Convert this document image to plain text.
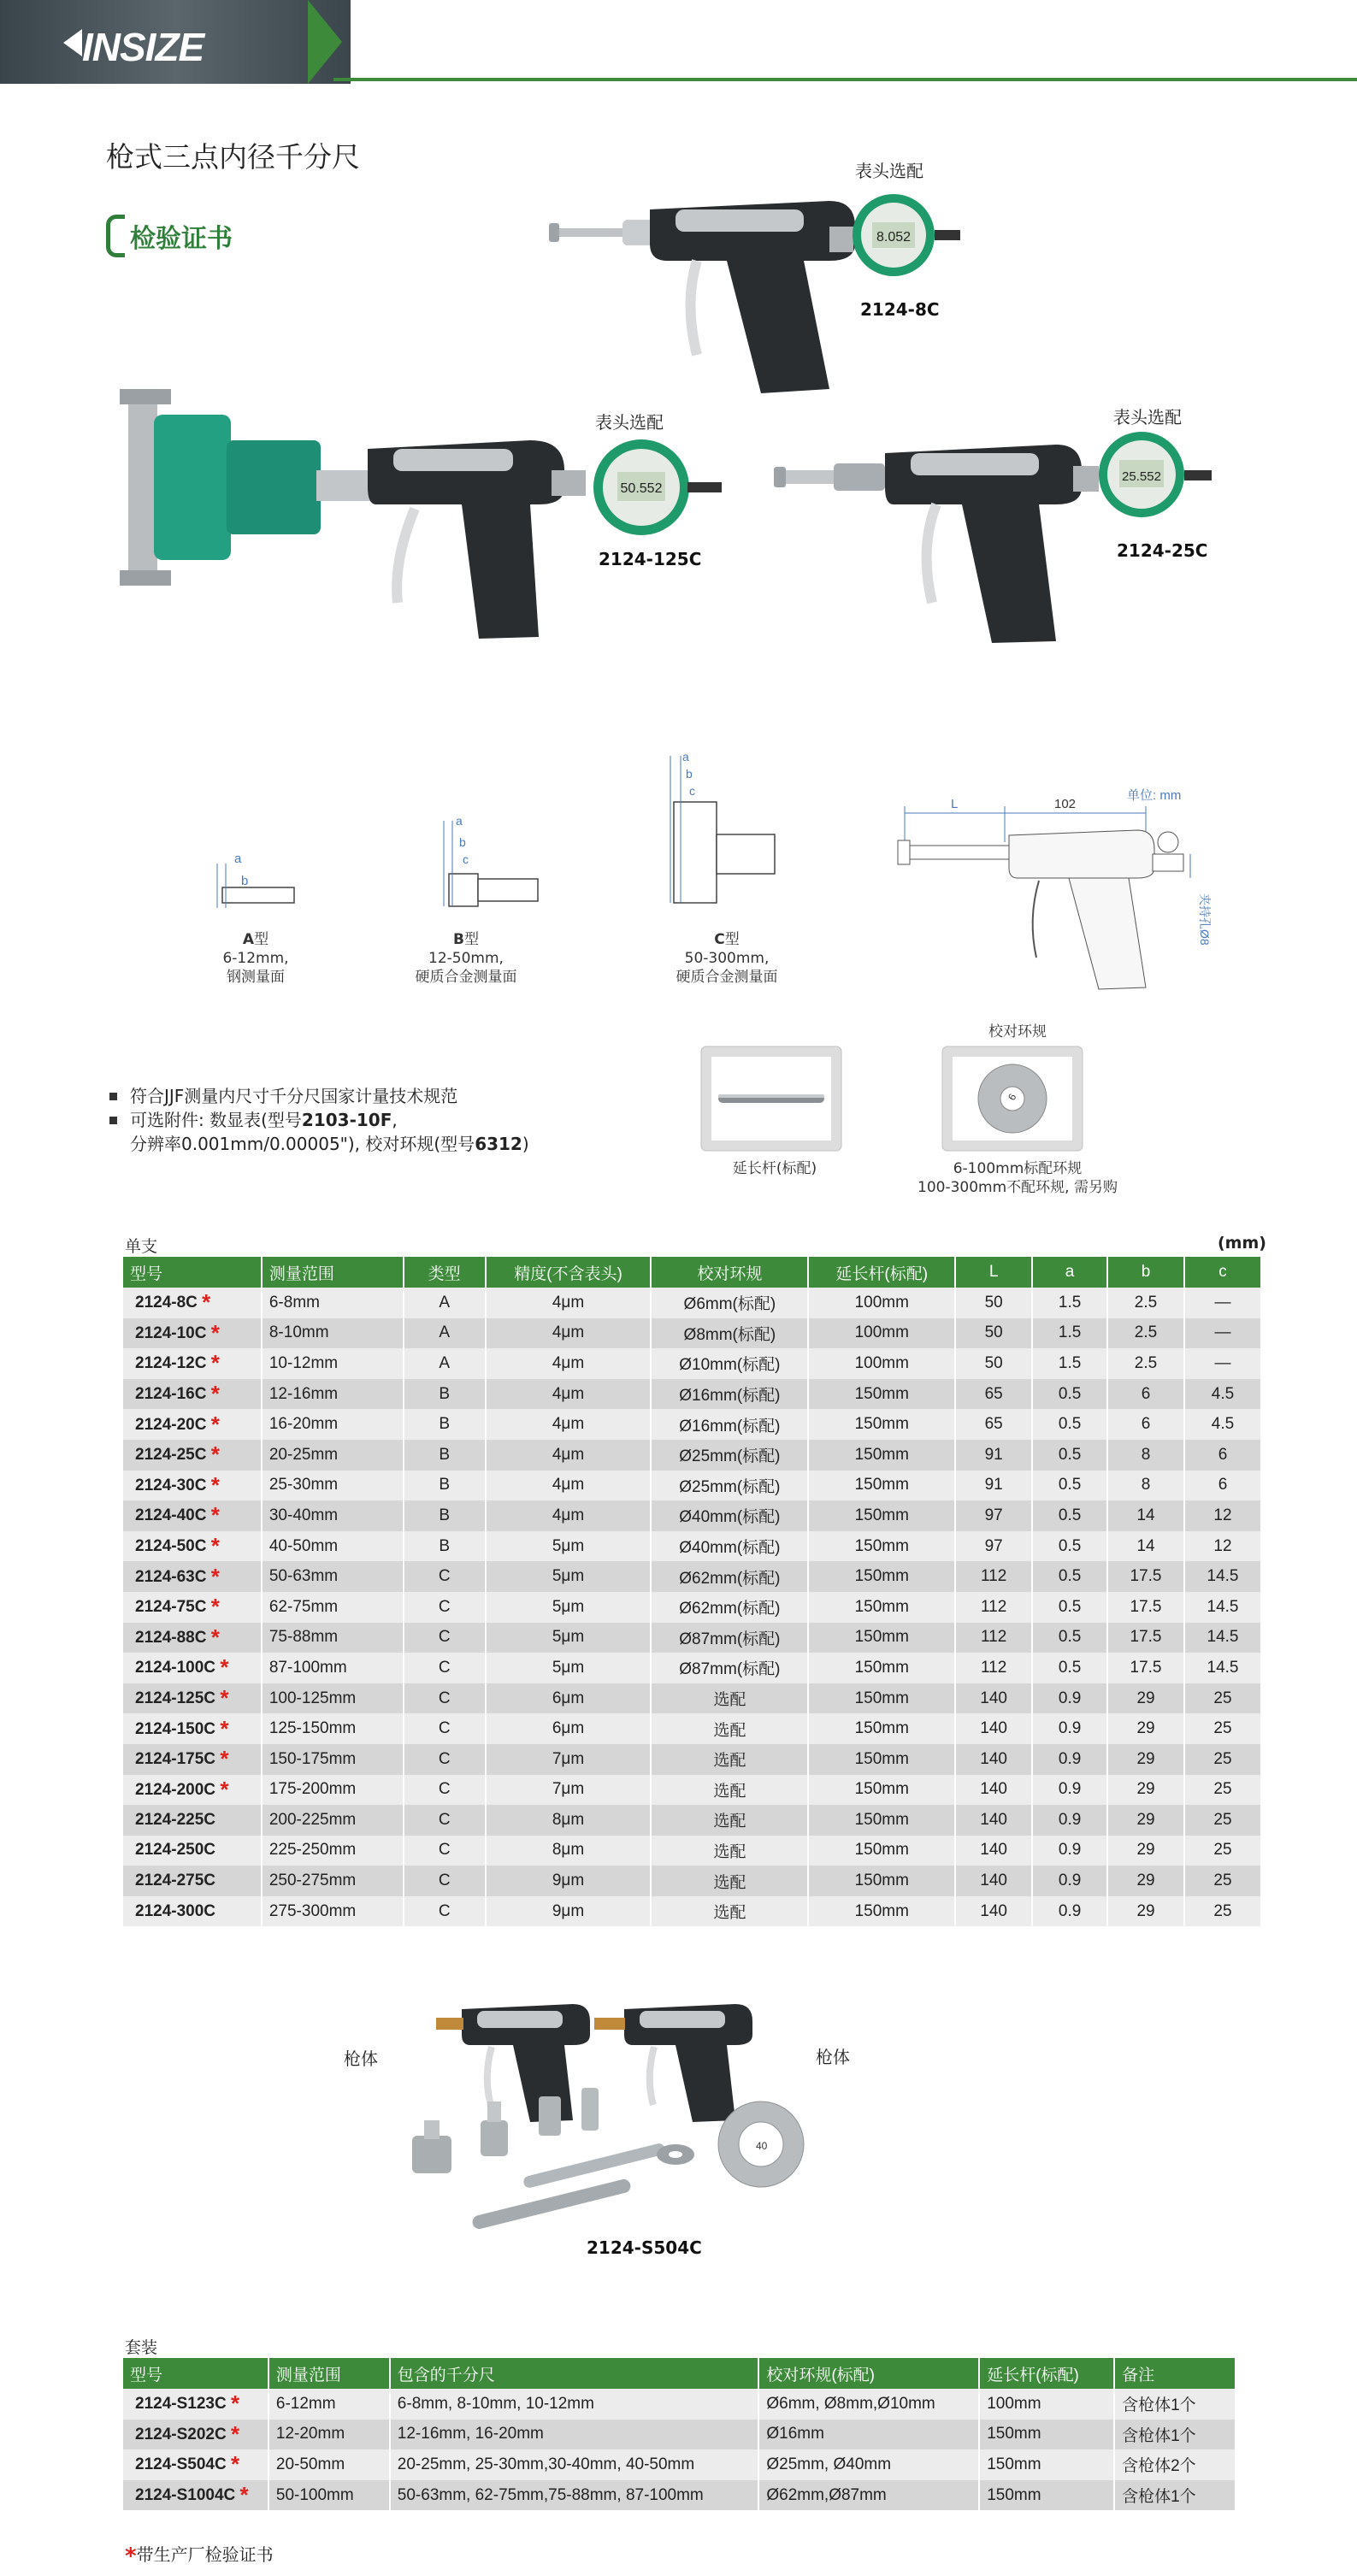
INSIZE
枪式三点内径千分尺
检验证书	8.052
表头选配
2124-8C
50.552
表头选配
2124-125C
25.552
表头选配
2124-25C
a
b
A型
6-12mm,
钢测量面
a
b
c
B型
12-50mm,
硬质合金测量面
a
b
c
C型
50-300mm,
硬质合金测量面
L	102
单位: mm
夹持孔Ø8
延长杆(标配)
校对环规
6
6-100mm标配环规
100-300mm不配环规, 需另购
符合JJF测量内尺寸千分尺国家计量技术规范
可选附件: 数显表(型号2103-10F,
分辨率0.001mm/0.00005"), 校对环规(型号6312)
单支	(mm)
型号	测量范围	类型	精度(不含表头)	校对环规	延长杆(标配)	L	a	b	c
2124-8C *	6-8mm	A	4μm	Ø6mm(标配)	100mm	50	1.5	2.5	—
2124-10C *	8-10mm	A	4μm	Ø8mm(标配)	100mm	50	1.5	2.5	—
2124-12C *	10-12mm	A	4μm	Ø10mm(标配)	100mm	50	1.5	2.5	—
2124-16C *	12-16mm	B	4μm	Ø16mm(标配)	150mm	65	0.5	6	4.5
2124-20C *	16-20mm	B	4μm	Ø16mm(标配)	150mm	65	0.5	6	4.5
2124-25C *	20-25mm	B	4μm	Ø25mm(标配)	150mm	91	0.5	8	6
2124-30C *	25-30mm	B	4μm	Ø25mm(标配)	150mm	91	0.5	8	6
2124-40C *	30-40mm	B	4μm	Ø40mm(标配)	150mm	97	0.5	14	12
2124-50C *	40-50mm	B	5μm	Ø40mm(标配)	150mm	97	0.5	14	12
2124-63C *	50-63mm	C	5μm	Ø62mm(标配)	150mm	112	0.5	17.5	14.5
2124-75C *	62-75mm	C	5μm	Ø62mm(标配)	150mm	112	0.5	17.5	14.5
2124-88C *	75-88mm	C	5μm	Ø87mm(标配)	150mm	112	0.5	17.5	14.5
2124-100C *	87-100mm	C	5μm	Ø87mm(标配)	150mm	112	0.5	17.5	14.5
2124-125C *	100-125mm	C	6μm	选配	150mm	140	0.9	29	25
2124-150C *	125-150mm	C	6μm	选配	150mm	140	0.9	29	25
2124-175C *	150-175mm	C	7μm	选配	150mm	140	0.9	29	25
2124-200C *	175-200mm	C	7μm	选配	150mm	140	0.9	29	25
2124-225C	200-225mm	C	8μm	选配	150mm	140	0.9	29	25
2124-250C	225-250mm	C	8μm	选配	150mm	140	0.9	29	25
2124-275C	250-275mm	C	9μm	选配	150mm	140	0.9	29	25
2124-300C	275-300mm	C	9μm	选配	150mm	140	0.9	29	25
40
枪体	枪体
2124-S504C
套装
型号	测量范围	包含的千分尺	校对环规(标配)	延长杆(标配)	备注
2124-S123C *	6-12mm	6-8mm, 8-10mm, 10-12mm	Ø6mm, Ø8mm,Ø10mm	100mm	含枪体1个
2124-S202C *	12-20mm	12-16mm, 16-20mm	Ø16mm	150mm	含枪体1个
2124-S504C *	20-50mm	20-25mm, 25-30mm,30-40mm, 40-50mm	Ø25mm, Ø40mm	150mm	含枪体2个
2124-S1004C *	50-100mm	50-63mm, 62-75mm,75-88mm, 87-100mm	Ø62mm,Ø87mm	150mm	含枪体1个
*带生产厂检验证书
